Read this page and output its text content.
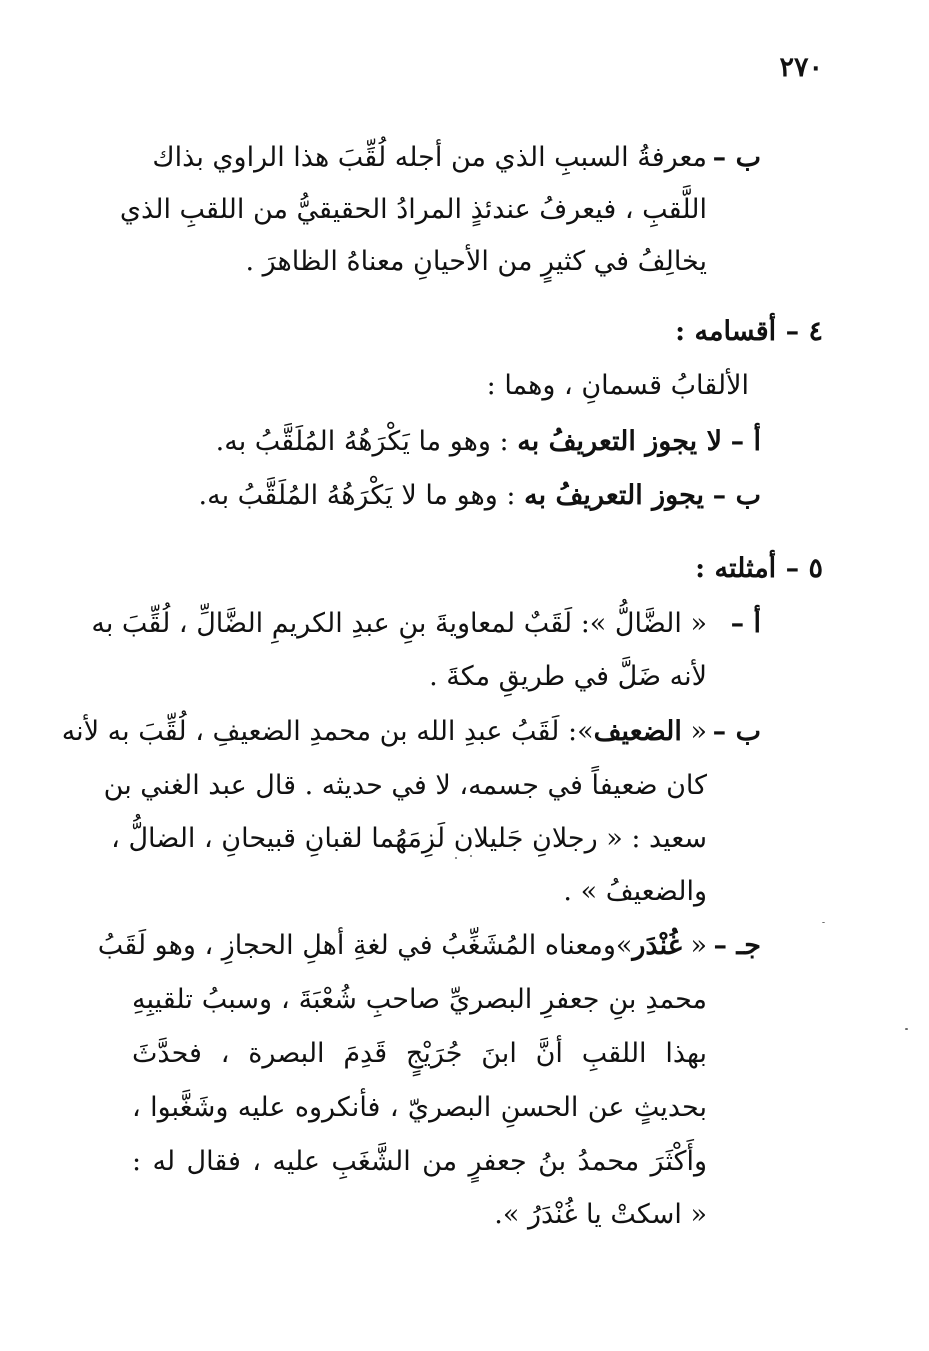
٢٧٠
ب –
معرفةُ السببِ الذي من أجله لُقِّبَ هذا الراوي بذاك
اللَّقبِ ، فيعرفُ عندئذٍ المرادُ الحقيقيُّ من اللقبِ الذي
يخالِفُ في كثيرٍ من الأحيانِ معناهُ الظاهرَ .
٤ – أقسامه :
الألقابُ قسمانِ ، وهما :
أ – لا يجوز التعريفُ به : وهو ما يَكْرَهُهُ المُلَقَّبُ به.
ب – يجوز التعريفُ به : وهو ما لا يَكْرَهُهُ المُلَقَّبُ به.
٥ – أمثلته :
أ –
« الضَّالُّ »: لَقَبٌ لمعاويةَ بنِ عبدِ الكريمِ الضَّالِّ ، لُقِّبَ به
لأنه ضَلَّ في طريقِ مكةَ .
ب –
« الضعيف»: لَقَبُ عبدِ الله بن محمدِ الضعيفِ ، لُقِّبَ به لأنه
كان ضعيفاً في جسمه، لا في حديثه . قال عبد الغني بن
سعيد : « رجلانِ جَليلان لَزِمَهُما لقبانِ قبيحانِ ، الضالُّ ،
والضعيفُ » .
جـ –
« غُنْدَر»ومعناه المُشَغِّبُ في لغةِ أهلِ الحجازِ ، وهو لَقَبُ
محمدِ بنِ جعفرِ البصريِّ صاحبِ شُعْبَةَ ، وسببُ تلقيبِهِ
بهذا اللقبِ أنَّ ابنَ جُرَيْجٍ قَدِمَ البصرة ، فحدَّثَ
بحديثٍ عن الحسنِ البصريّ ، فأنكروه عليه وشَغَّبوا ،
وأَكْثَرَ محمدُ بنُ جعفرٍ من الشَّغَبِ عليه ، فقال له :
« اسكتْ يا غُنْدَرُ ».
